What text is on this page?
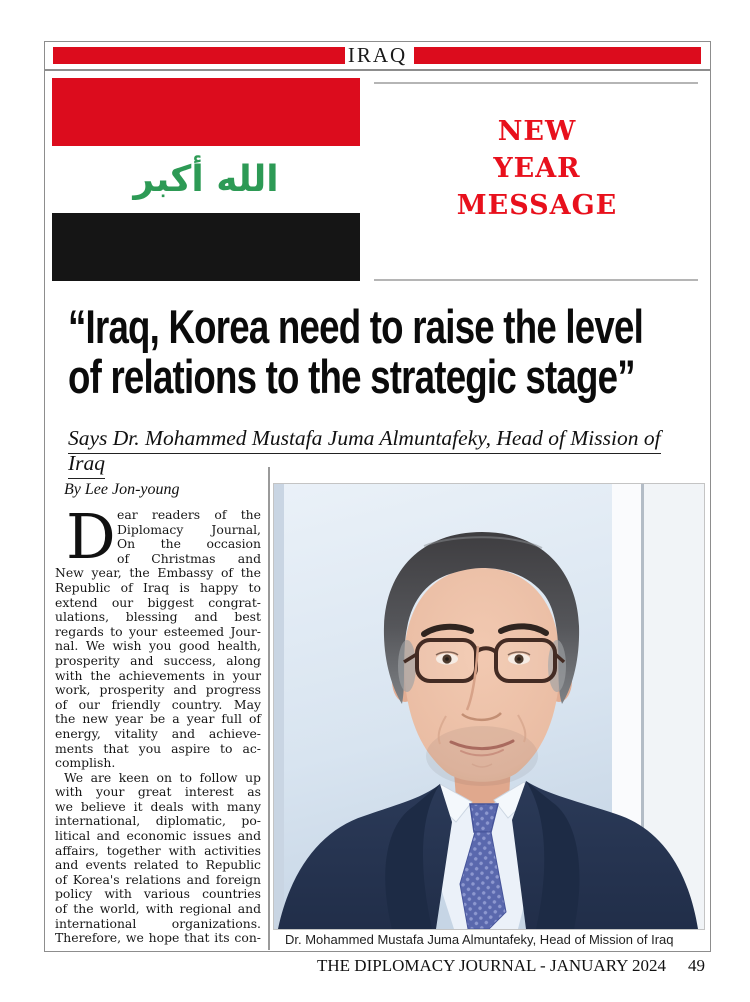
IRAQ
الله أكبر
NEW
YEAR
MESSAGE
“Iraq, Korea need to raise the level
of relations to the strategic stage”
Says Dr. Mohammed Mustafa Juma Almuntafeky, Head of Mission of Iraq
By Lee Jon-young
D ear readers of the
Diplomacy Journal,
On the occasion
of Christmas and
New year, the Embassy of the
Republic of Iraq is happy to
extend our biggest congrat-
ulations, blessing and best
regards to your esteemed Jour-
nal. We wish you good health,
prosperity and success, along
with the achievements in your
work, prosperity and progress
of our friendly country. May
the new year be a year full of
energy, vitality and achieve-
ments that you aspire to ac-
complish.
We are keen on to follow up
with your great interest as
we believe it deals with many
international, diplomatic, po-
litical and economic issues and
affairs, together with activities
and events related to Republic
of Korea's relations and foreign
policy with various countries
of the world, with regional and
international organizations.
Therefore, we hope that its con- Dr. Mohammed Mustafa Juma Almuntafeky, Head of Mission of Iraq
THE DIPLOMACY JOURNAL - JANUARY 2024 49
